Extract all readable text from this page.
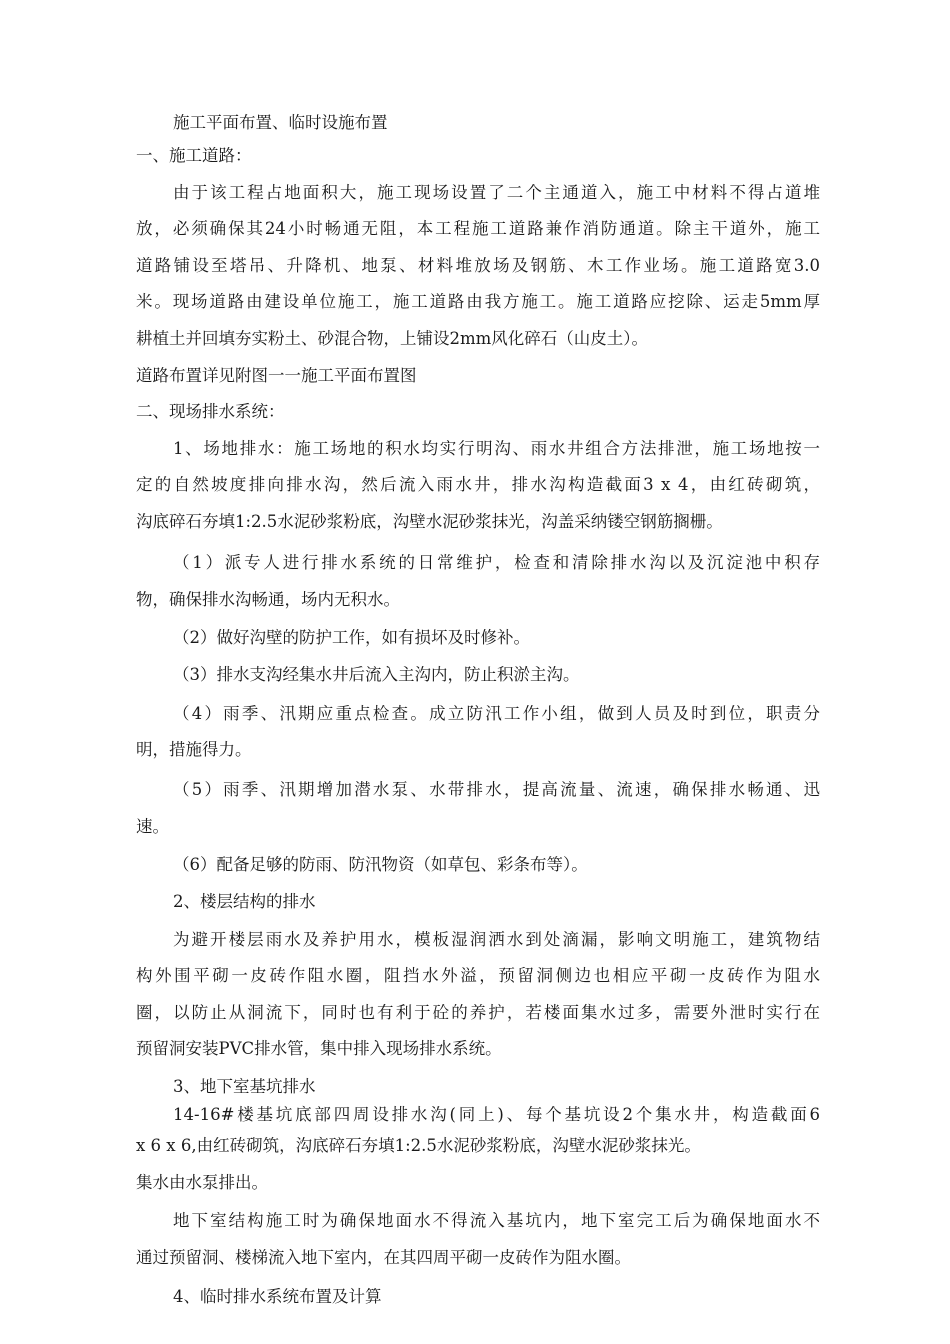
施工平面布置、临时设施布置
一、施工道路：
由于该工程占地面积大，施工现场设置了二个主通道入，施工中材料不得占道堆
放，必须确保其24小时畅通无阻，本工程施工道路兼作消防通道。除主干道外，施工
道路铺设至塔吊、升降机、地泵、材料堆放场及钢筋、木工作业场。施工道路宽3.0
米。现场道路由建设单位施工，施工道路由我方施工。施工道路应挖除、运走5mm厚
耕植土并回填夯实粉土、砂混合物，上铺设2mm风化碎石（山皮土）。
道路布置详见附图一一施工平面布置图
二、现场排水系统：
1、场地排水：施工场地的积水均实行明沟、雨水井组合方法排泄，施工场地按一
定的自然坡度排向排水沟，然后流入雨水井，排水沟构造截面3 x 4，由红砖砌筑，
沟底碎石夯填1:2.5水泥砂浆粉底，沟壁水泥砂浆抹光，沟盖采纳镂空钢筋搁栅。
（1）派专人进行排水系统的日常维护，检查和清除排水沟以及沉淀池中积存
物，确保排水沟畅通，场内无积水。
（2）做好沟壁的防护工作，如有损坏及时修补。
（3）排水支沟经集水井后流入主沟内，防止积淤主沟。
（4）雨季、汛期应重点检查。成立防汛工作小组，做到人员及时到位，职责分
明，措施得力。
（5）雨季、汛期增加潜水泵、水带排水，提高流量、流速，确保排水畅通、迅
速。
（6）配备足够的防雨、防汛物资（如草包、彩条布等）。
2、楼层结构的排水
为避开楼层雨水及养护用水，模板湿润洒水到处滴漏，影响文明施工，建筑物结
构外围平砌一皮砖作阻水圈，阻挡水外溢，预留洞侧边也相应平砌一皮砖作为阻水
圈，以防止从洞流下，同时也有利于砼的养护，若楼面集水过多，需要外泄时实行在
预留洞安装PVC排水管，集中排入现场排水系统。
3、地下室基坑排水
14-16#楼基坑底部四周设排水沟(同上)、每个基坑设2个集水井，构造截面6
x 6 x 6,由红砖砌筑，沟底碎石夯填1:2.5水泥砂浆粉底，沟壁水泥砂浆抹光。
集水由水泵排出。
地下室结构施工时为确保地面水不得流入基坑内，地下室完工后为确保地面水不
通过预留洞、楼梯流入地下室内，在其四周平砌一皮砖作为阻水圈。
4、临时排水系统布置及计算
